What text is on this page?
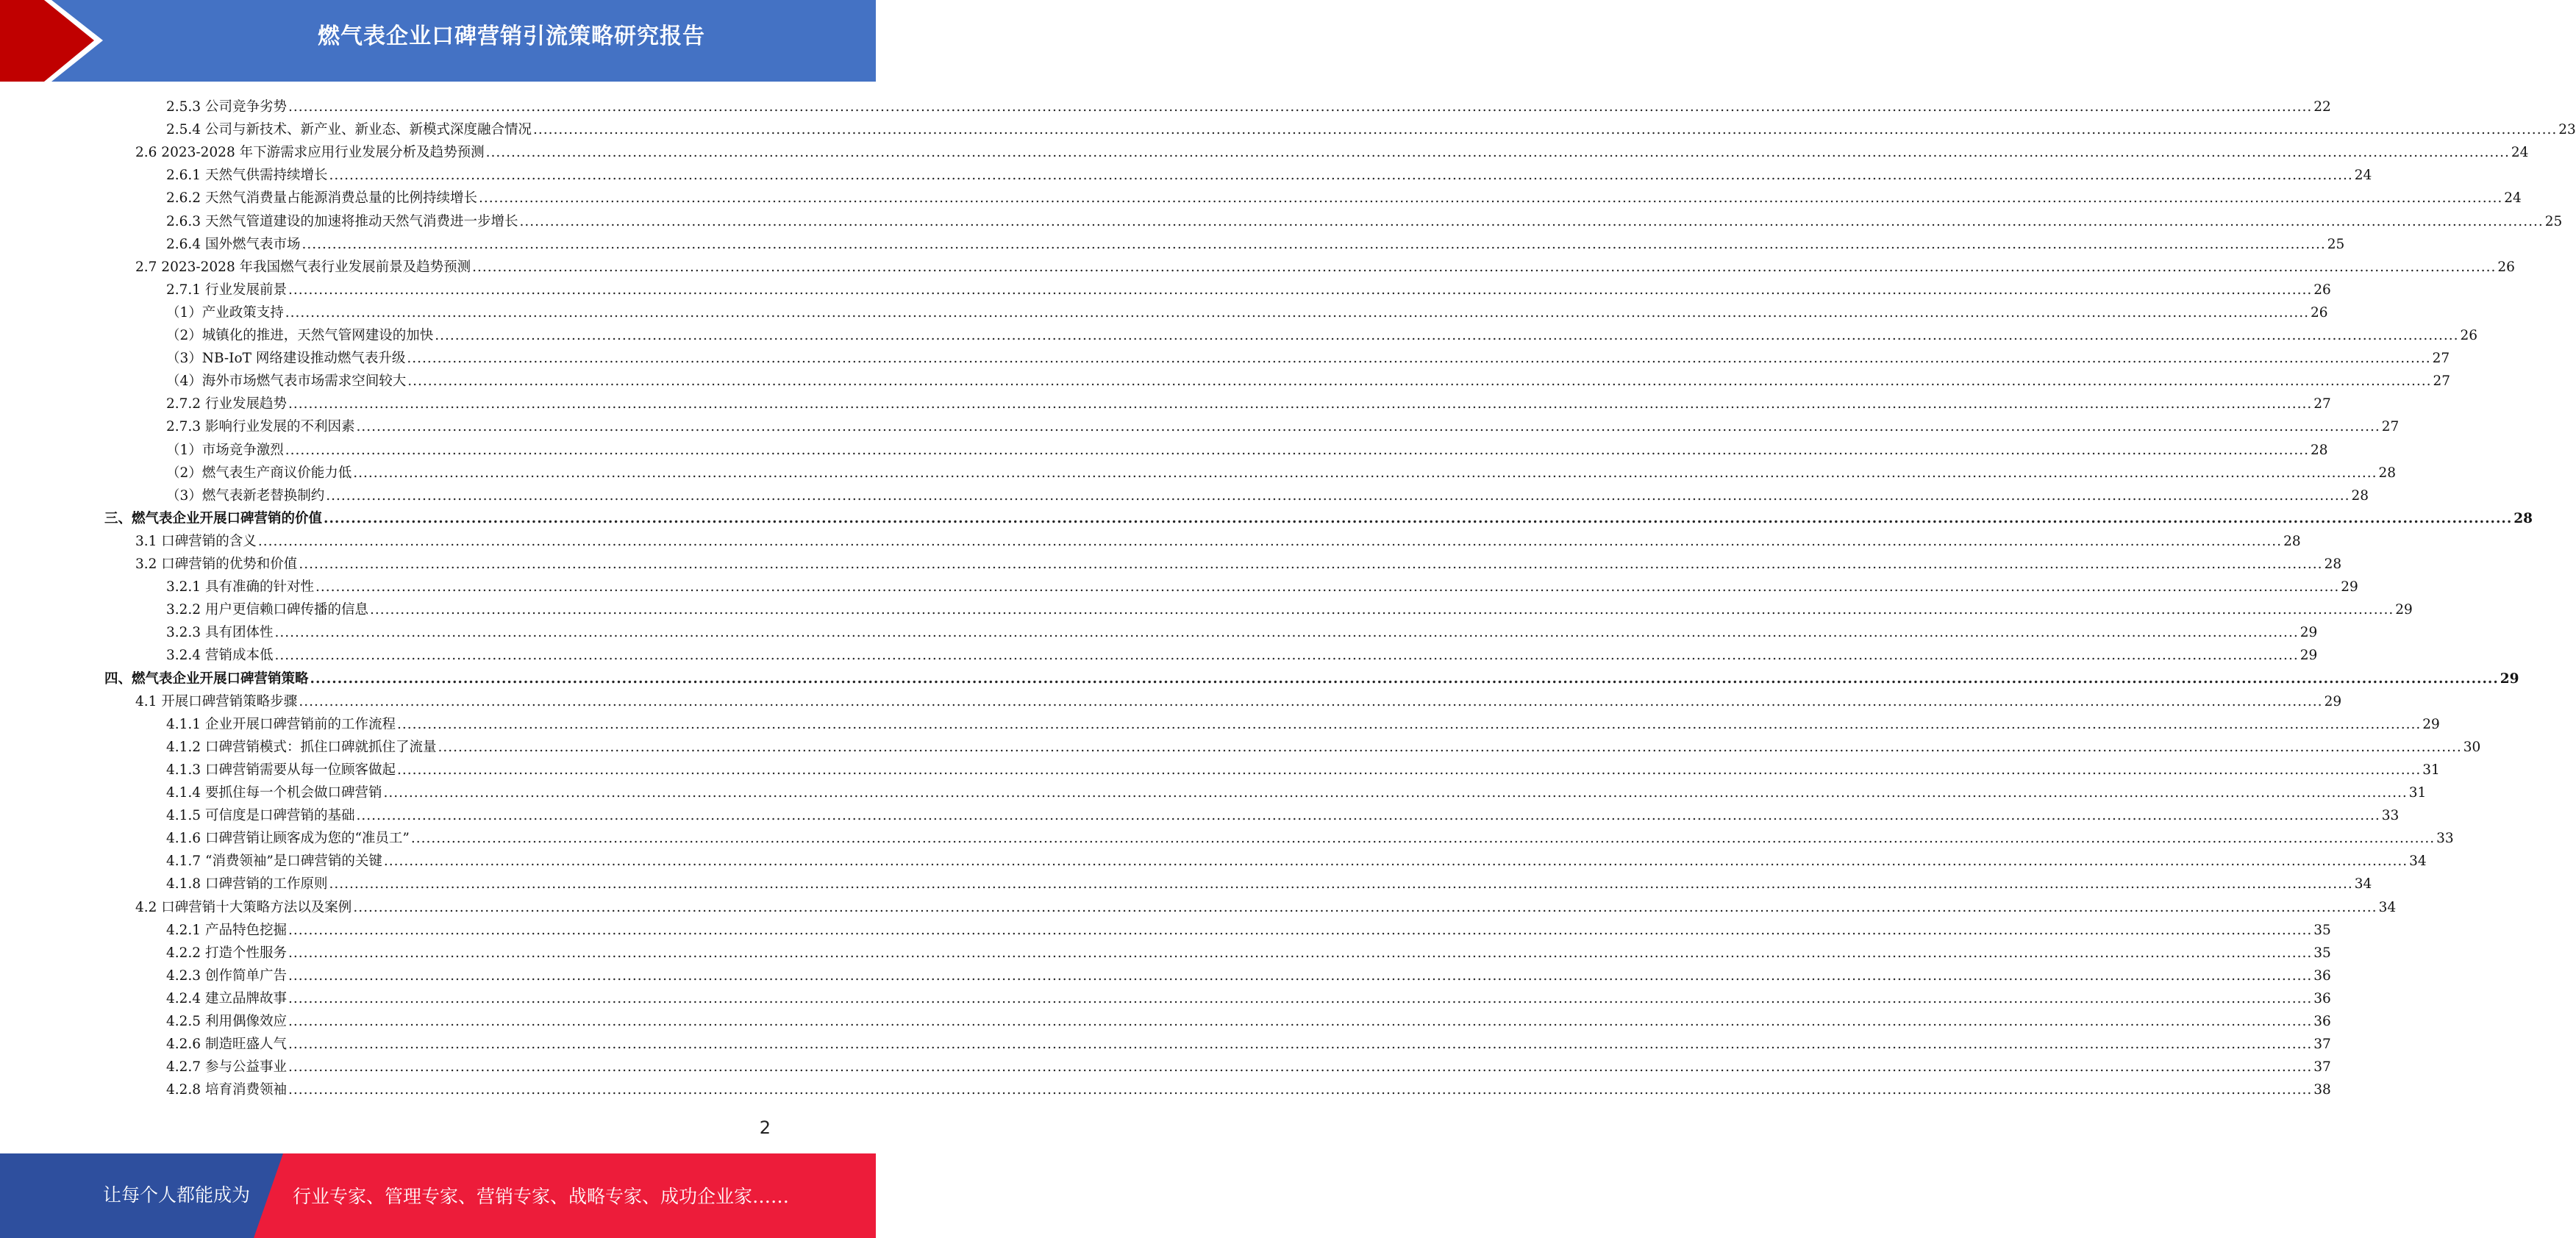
燃气表企业口碑营销引流策略研究报告
2.5.3 公司竞争劣势 ................................................................................................................................................................................................................................................................................................................................................................................................................ 22
2.5.4 公司与新技术、新产业、新业态、新模式深度融合情况 ................................................................................................................................................................................................................................................................................................................................................................................................................ 23
2.6 2023-2028 年下游需求应用行业发展分析及趋势预测 ................................................................................................................................................................................................................................................................................................................................................................................................................ 24
2.6.1 天然气供需持续增长 ................................................................................................................................................................................................................................................................................................................................................................................................................ 24
2.6.2 天然气消费量占能源消费总量的比例持续增长 ................................................................................................................................................................................................................................................................................................................................................................................................................ 24
2.6.3 天然气管道建设的加速将推动天然气消费进一步增长 ................................................................................................................................................................................................................................................................................................................................................................................................................ 25
2.6.4 国外燃气表市场 ................................................................................................................................................................................................................................................................................................................................................................................................................ 25
2.7 2023-2028 年我国燃气表行业发展前景及趋势预测 ................................................................................................................................................................................................................................................................................................................................................................................................................ 26
2.7.1 行业发展前景 ................................................................................................................................................................................................................................................................................................................................................................................................................ 26
（1）产业政策支持 ................................................................................................................................................................................................................................................................................................................................................................................................................ 26
（2）城镇化的推进，天然气管网建设的加快 ................................................................................................................................................................................................................................................................................................................................................................................................................ 26
（3）NB-IoT 网络建设推动燃气表升级 ................................................................................................................................................................................................................................................................................................................................................................................................................ 27
（4）海外市场燃气表市场需求空间较大 ................................................................................................................................................................................................................................................................................................................................................................................................................ 27
2.7.2 行业发展趋势 ................................................................................................................................................................................................................................................................................................................................................................................................................ 27
2.7.3 影响行业发展的不利因素 ................................................................................................................................................................................................................................................................................................................................................................................................................ 27
（1）市场竞争激烈 ................................................................................................................................................................................................................................................................................................................................................................................................................ 28
（2）燃气表生产商议价能力低 ................................................................................................................................................................................................................................................................................................................................................................................................................ 28
（3）燃气表新老替换制约 ................................................................................................................................................................................................................................................................................................................................................................................................................ 28
三、燃气表企业开展口碑营销的价值 ................................................................................................................................................................................................................................................................................................................................................................................................................ 28
3.1 口碑营销的含义 ................................................................................................................................................................................................................................................................................................................................................................................................................ 28
3.2 口碑营销的优势和价值 ................................................................................................................................................................................................................................................................................................................................................................................................................ 28
3.2.1 具有准确的针对性 ................................................................................................................................................................................................................................................................................................................................................................................................................ 29
3.2.2 用户更信赖口碑传播的信息 ................................................................................................................................................................................................................................................................................................................................................................................................................ 29
3.2.3 具有团体性 ................................................................................................................................................................................................................................................................................................................................................................................................................ 29
3.2.4 营销成本低 ................................................................................................................................................................................................................................................................................................................................................................................................................ 29
四、燃气表企业开展口碑营销策略 ................................................................................................................................................................................................................................................................................................................................................................................................................ 29
4.1 开展口碑营销策略步骤 ................................................................................................................................................................................................................................................................................................................................................................................................................ 29
4.1.1 企业开展口碑营销前的工作流程 ................................................................................................................................................................................................................................................................................................................................................................................................................ 29
4.1.2 口碑营销模式：抓住口碑就抓住了流量 ................................................................................................................................................................................................................................................................................................................................................................................................................ 30
4.1.3 口碑营销需要从每一位顾客做起 ................................................................................................................................................................................................................................................................................................................................................................................................................ 31
4.1.4 要抓住每一个机会做口碑营销 ................................................................................................................................................................................................................................................................................................................................................................................................................ 31
4.1.5 可信度是口碑营销的基础 ................................................................................................................................................................................................................................................................................................................................................................................................................ 33
4.1.6 口碑营销让顾客成为您的“准员工” ................................................................................................................................................................................................................................................................................................................................................................................................................ 33
4.1.7 “消费领袖”是口碑营销的关键 ................................................................................................................................................................................................................................................................................................................................................................................................................ 34
4.1.8 口碑营销的工作原则 ................................................................................................................................................................................................................................................................................................................................................................................................................ 34
4.2 口碑营销十大策略方法以及案例 ................................................................................................................................................................................................................................................................................................................................................................................................................ 34
4.2.1 产品特色挖掘 ................................................................................................................................................................................................................................................................................................................................................................................................................ 35
4.2.2 打造个性服务 ................................................................................................................................................................................................................................................................................................................................................................................................................ 35
4.2.3 创作简单广告 ................................................................................................................................................................................................................................................................................................................................................................................................................ 36
4.2.4 建立品牌故事 ................................................................................................................................................................................................................................................................................................................................................................................................................ 36
4.2.5 利用偶像效应 ................................................................................................................................................................................................................................................................................................................................................................................................................ 36
4.2.6 制造旺盛人气 ................................................................................................................................................................................................................................................................................................................................................................................................................ 37
4.2.7 参与公益事业 ................................................................................................................................................................................................................................................................................................................................................................................................................ 37
4.2.8 培育消费领袖 ................................................................................................................................................................................................................................................................................................................................................................................................................ 38
2
让每个人都能成为 行业专家、管理专家、营销专家、战略专家、成功企业家……
